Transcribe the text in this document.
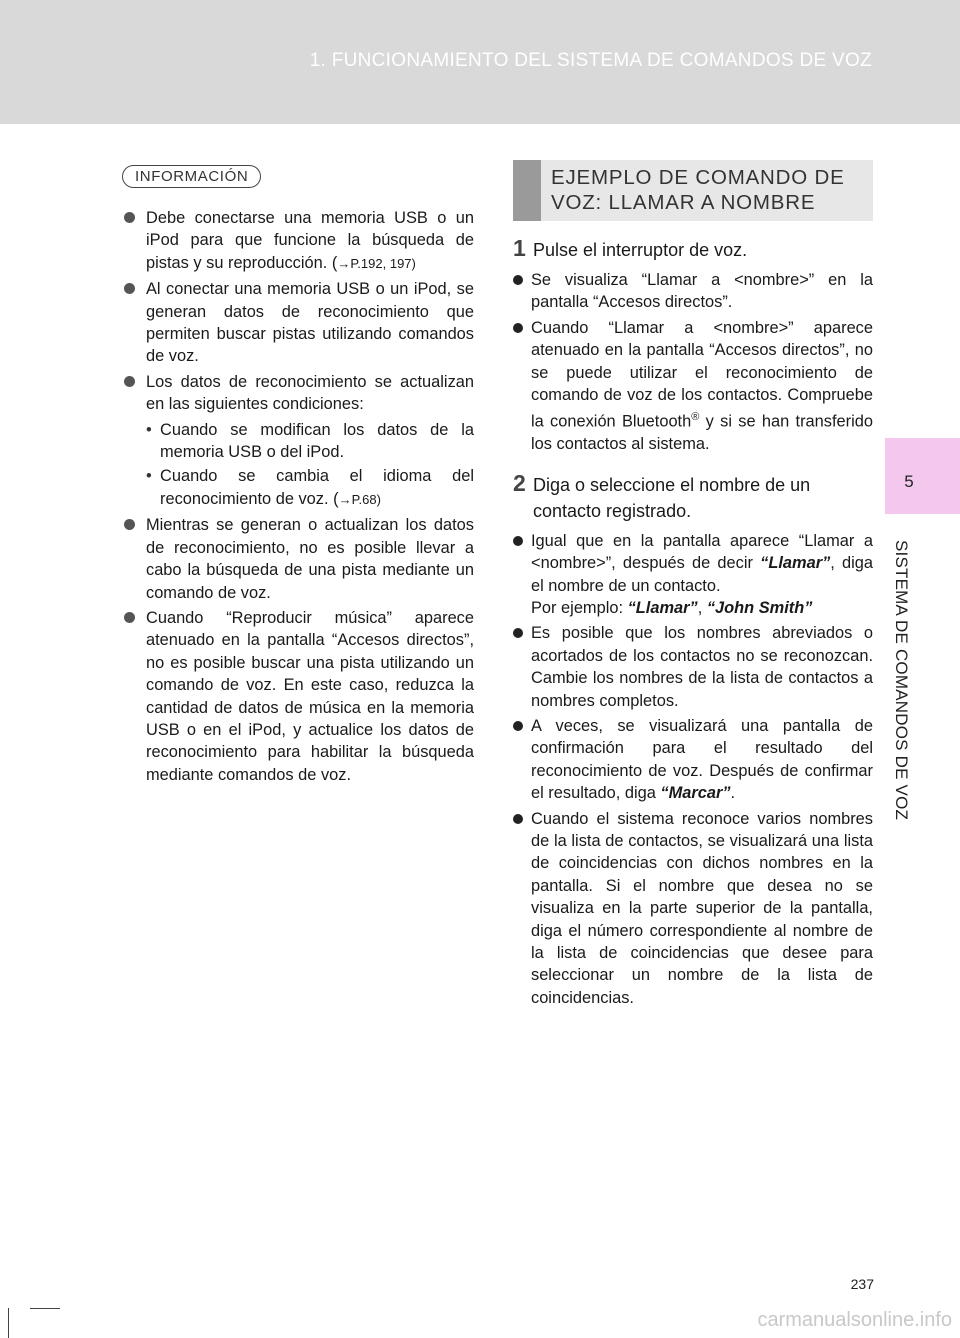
1. FUNCIONAMIENTO DEL SISTEMA DE COMANDOS DE VOZ
5
SISTEMA DE COMANDOS DE VOZ
INFORMACIÓN
Debe conectarse una memoria USB o un iPod para que funcione la búsqueda de pistas y su reproducción. (→P.192, 197)
Al conectar una memoria USB o un iPod, se generan datos de reconocimiento que permiten buscar pistas utilizando comandos de voz.
Los datos de reconocimiento se actualizan en las siguientes condiciones:
• Cuando se modifican los datos de la memoria USB o del iPod.
• Cuando se cambia el idioma del reconocimiento de voz. (→P.68)
Mientras se generan o actualizan los datos de reconocimiento, no es posible llevar a cabo la búsqueda de una pista mediante un comando de voz.
Cuando “Reproducir música” aparece atenuado en la pantalla “Accesos directos”, no es posible buscar una pista utilizando un comando de voz. En este caso, reduzca la cantidad de datos de música en la memoria USB o en el iPod, y actualice los datos de reconocimiento para habilitar la búsqueda mediante comandos de voz.
EJEMPLO DE COMANDO DE
VOZ: LLAMAR A NOMBRE
1 Pulse el interruptor de voz.
Se visualiza “Llamar a <nombre>” en la pantalla “Accesos directos”.
Cuando “Llamar a <nombre>” aparece atenuado en la pantalla “Accesos directos”, no se puede utilizar el reconocimiento de comando de voz de los contactos. Compruebe la conexión Bluetooth® y si se han transferido los contactos al sistema.
2 Diga o seleccione el nombre de un contacto registrado.
Igual que en la pantalla aparece “Llamar a <nombre>”, después de decir “Llamar”, diga el nombre de un contacto.
Por ejemplo: “Llamar”, “John Smith”
Es posible que los nombres abreviados o acortados de los contactos no se reconozcan. Cambie los nombres de la lista de contactos a nombres completos.
A veces, se visualizará una pantalla de confirmación para el resultado del reconocimiento de voz. Después de confirmar el resultado, diga “Marcar”.
Cuando el sistema reconoce varios nombres de la lista de contactos, se visualizará una lista de coincidencias con dichos nombres en la pantalla. Si el nombre que desea no se visualiza en la parte superior de la pantalla, diga el número correspondiente al nombre de la lista de coincidencias que desee para seleccionar un nombre de la lista de coincidencias.
237
carmanualsonline.info
